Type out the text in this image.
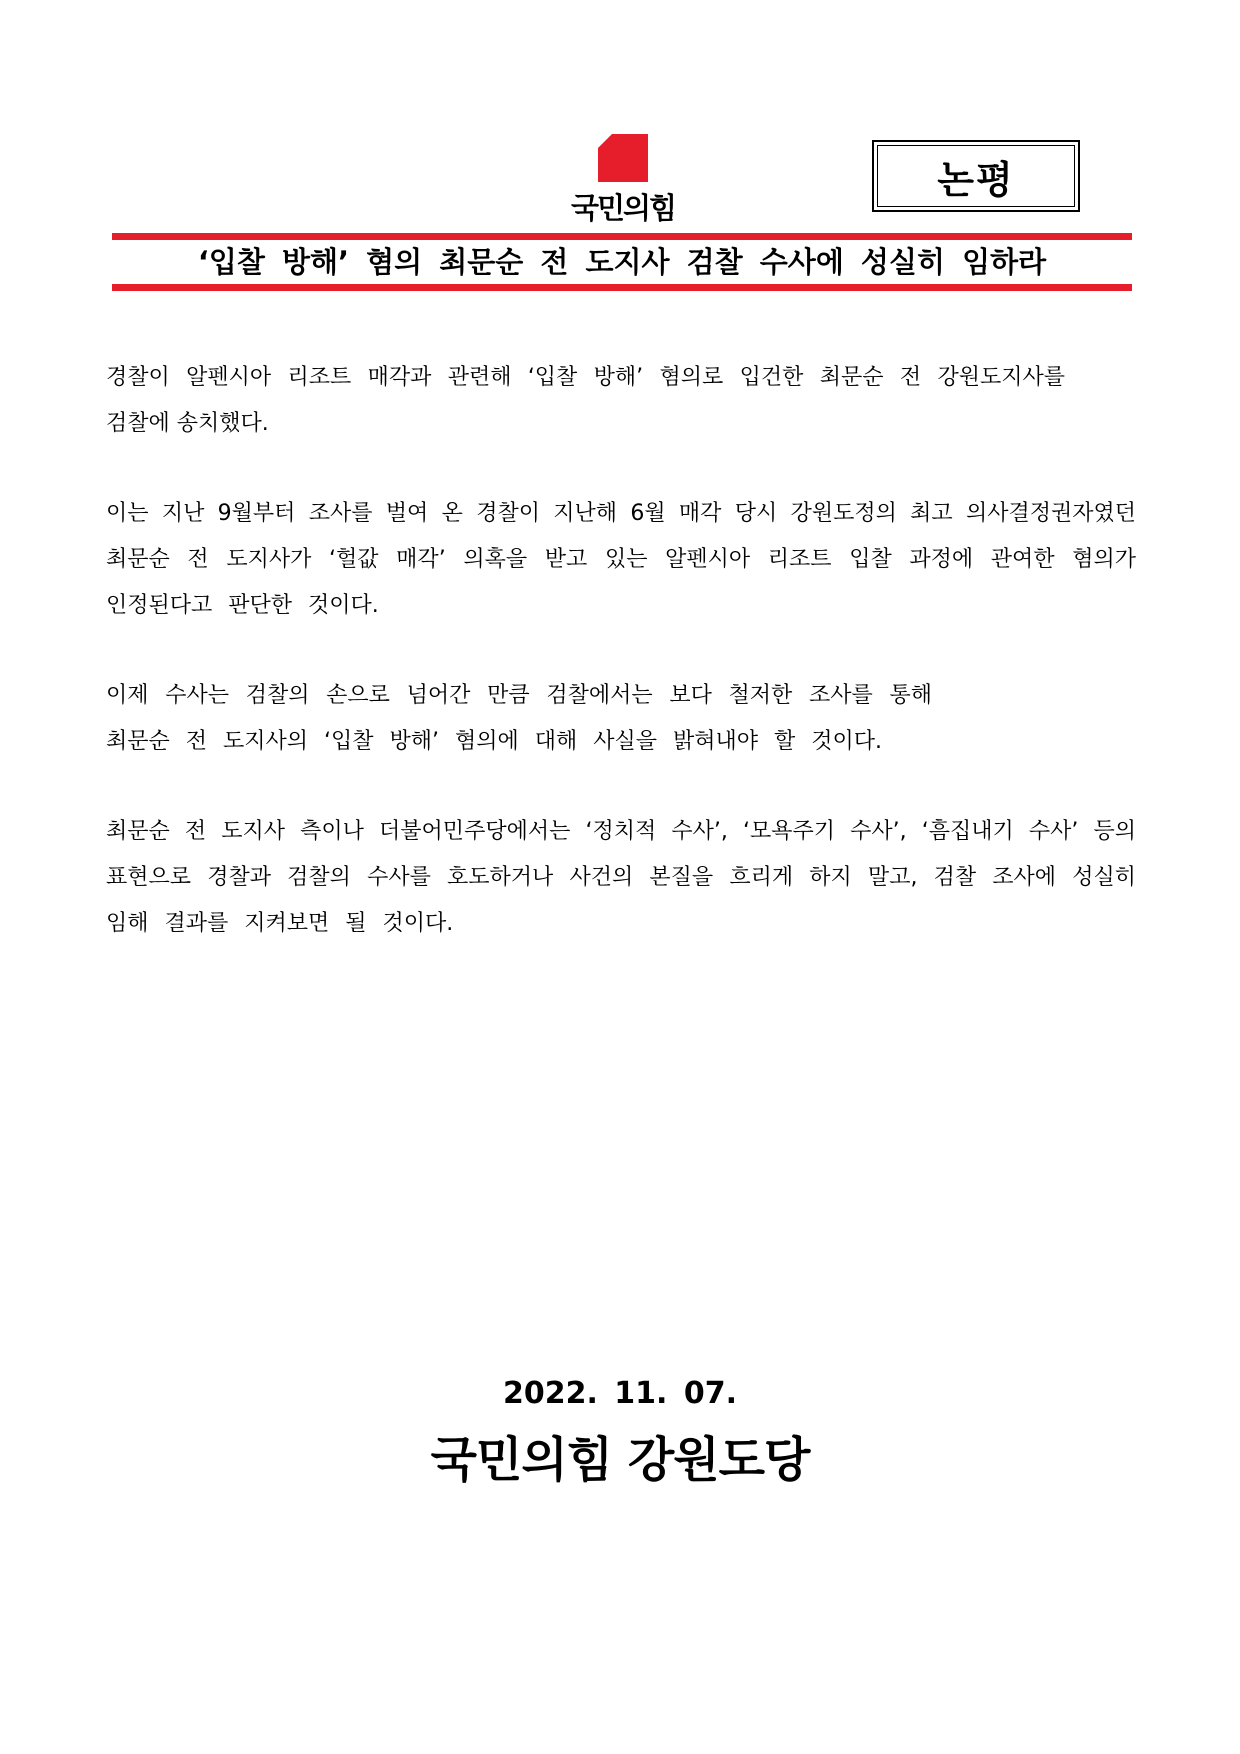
국민의힘
논평
‘입찰 방해’ 혐의 최문순 전 도지사 검찰 수사에 성실히 임하라
경찰이 알펜시아 리조트 매각과 관련해 ‘입찰 방해’ 혐의로 입건한 최문순 전 강원도지사를
검찰에 송치했다.
이는 지난 9월부터 조사를 벌여 온 경찰이 지난해 6월 매각 당시 강원도정의 최고 의사결정권자였던
최문순 전 도지사가 ‘헐값 매각’ 의혹을 받고 있는 알펜시아 리조트 입찰 과정에 관여한 혐의가
인정된다고 판단한 것이다.
이제 수사는 검찰의 손으로 넘어간 만큼 검찰에서는 보다 철저한 조사를 통해
최문순 전 도지사의 ‘입찰 방해’ 혐의에 대해 사실을 밝혀내야 할 것이다.
최문순 전 도지사 측이나 더불어민주당에서는 ‘정치적 수사’, ‘모욕주기 수사’, ‘흠집내기 수사’ 등의
표현으로 경찰과 검찰의 수사를 호도하거나 사건의 본질을 흐리게 하지 말고, 검찰 조사에 성실히
임해 결과를 지켜보면 될 것이다.
2022. 11. 07.
국민의힘 강원도당
